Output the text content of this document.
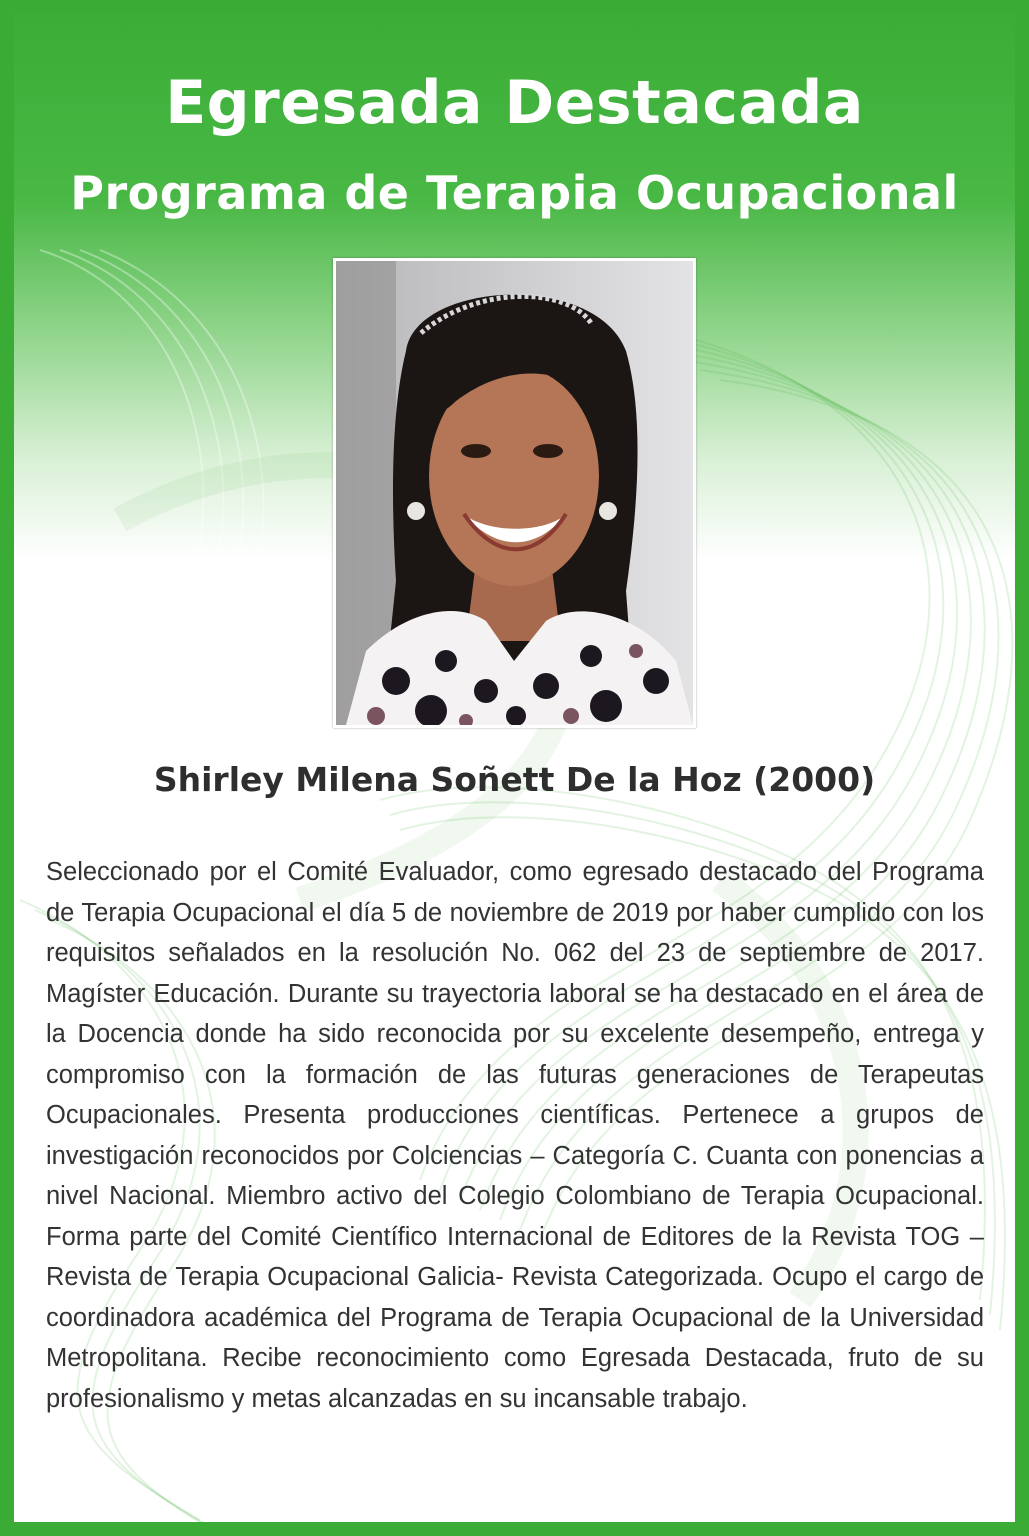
Egresada Destacada
Programa de Terapia Ocupacional
Shirley Milena Soñett De la Hoz (2000)

Seleccionado por el Comité Evaluador, como egresado destacado del Programa de Terapia Ocupacional el día 5 de noviembre de 2019 por haber cumplido con los requisitos señalados en la resolución No. 062 del 23 de septiembre de 2017. Magíster Educación. Durante su trayectoria laboral se ha destacado en el área de la Docencia donde ha sido reconocida por su excelente desempeño, entrega y compromiso con la formación de las futuras generaciones de Terapeutas Ocupacionales. Presenta producciones científicas. Pertenece a grupos de investigación reconocidos por Colciencias – Categoría C. Cuanta con ponencias a nivel Nacional. Miembro activo del Colegio Colombiano de Terapia Ocupacional. Forma parte del Comité Científico Internacional de Editores de la Revista TOG – Revista de Terapia Ocupacional Galicia- Revista Categorizada. Ocupo el cargo de coordinadora académica del Programa de Terapia Ocupacional de la Universidad Metropolitana. Recibe reconocimiento como Egresada Destacada, fruto de su profesionalismo y metas alcanzadas en su incansable trabajo.
